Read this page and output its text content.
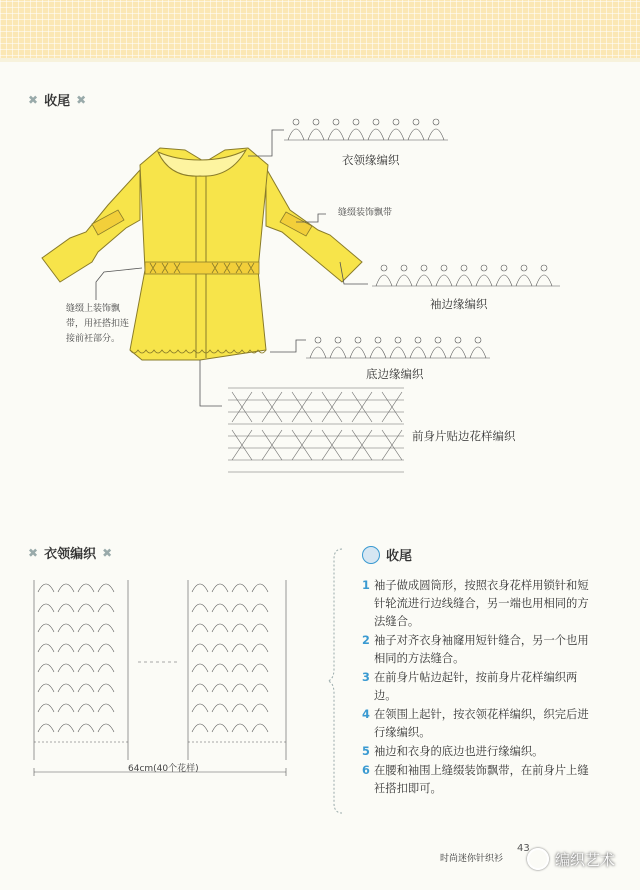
✖ 收尾 ✖
衣领缘编织
缝缀装饰飘带
袖边缘编织
底边缘编织
前身片贴边花样编织
缝缀上装饰飘
带，用衽搭扣连
接前衽部分。
✖ 衣领编织 ✖
64cm(40个花样)
收尾
1 袖子做成圆筒形，按照衣身花样用锁针和短针轮流进行边线缝合，另一端也用相同的方法缝合。
2 袖子对齐衣身袖窿用短针缝合，另一个也用相同的方法缝合。
3 在前身片帖边起针，按前身片花样编织两边。
4 在领围上起针，按衣领花样编织，织完后进行缘编织。
5 袖边和衣身的底边也进行缘编织。
6 在腰和袖围上缝缀装饰飘带，在前身片上缝衽搭扣即可。
时尚迷你针织衫
43
编织艺术
